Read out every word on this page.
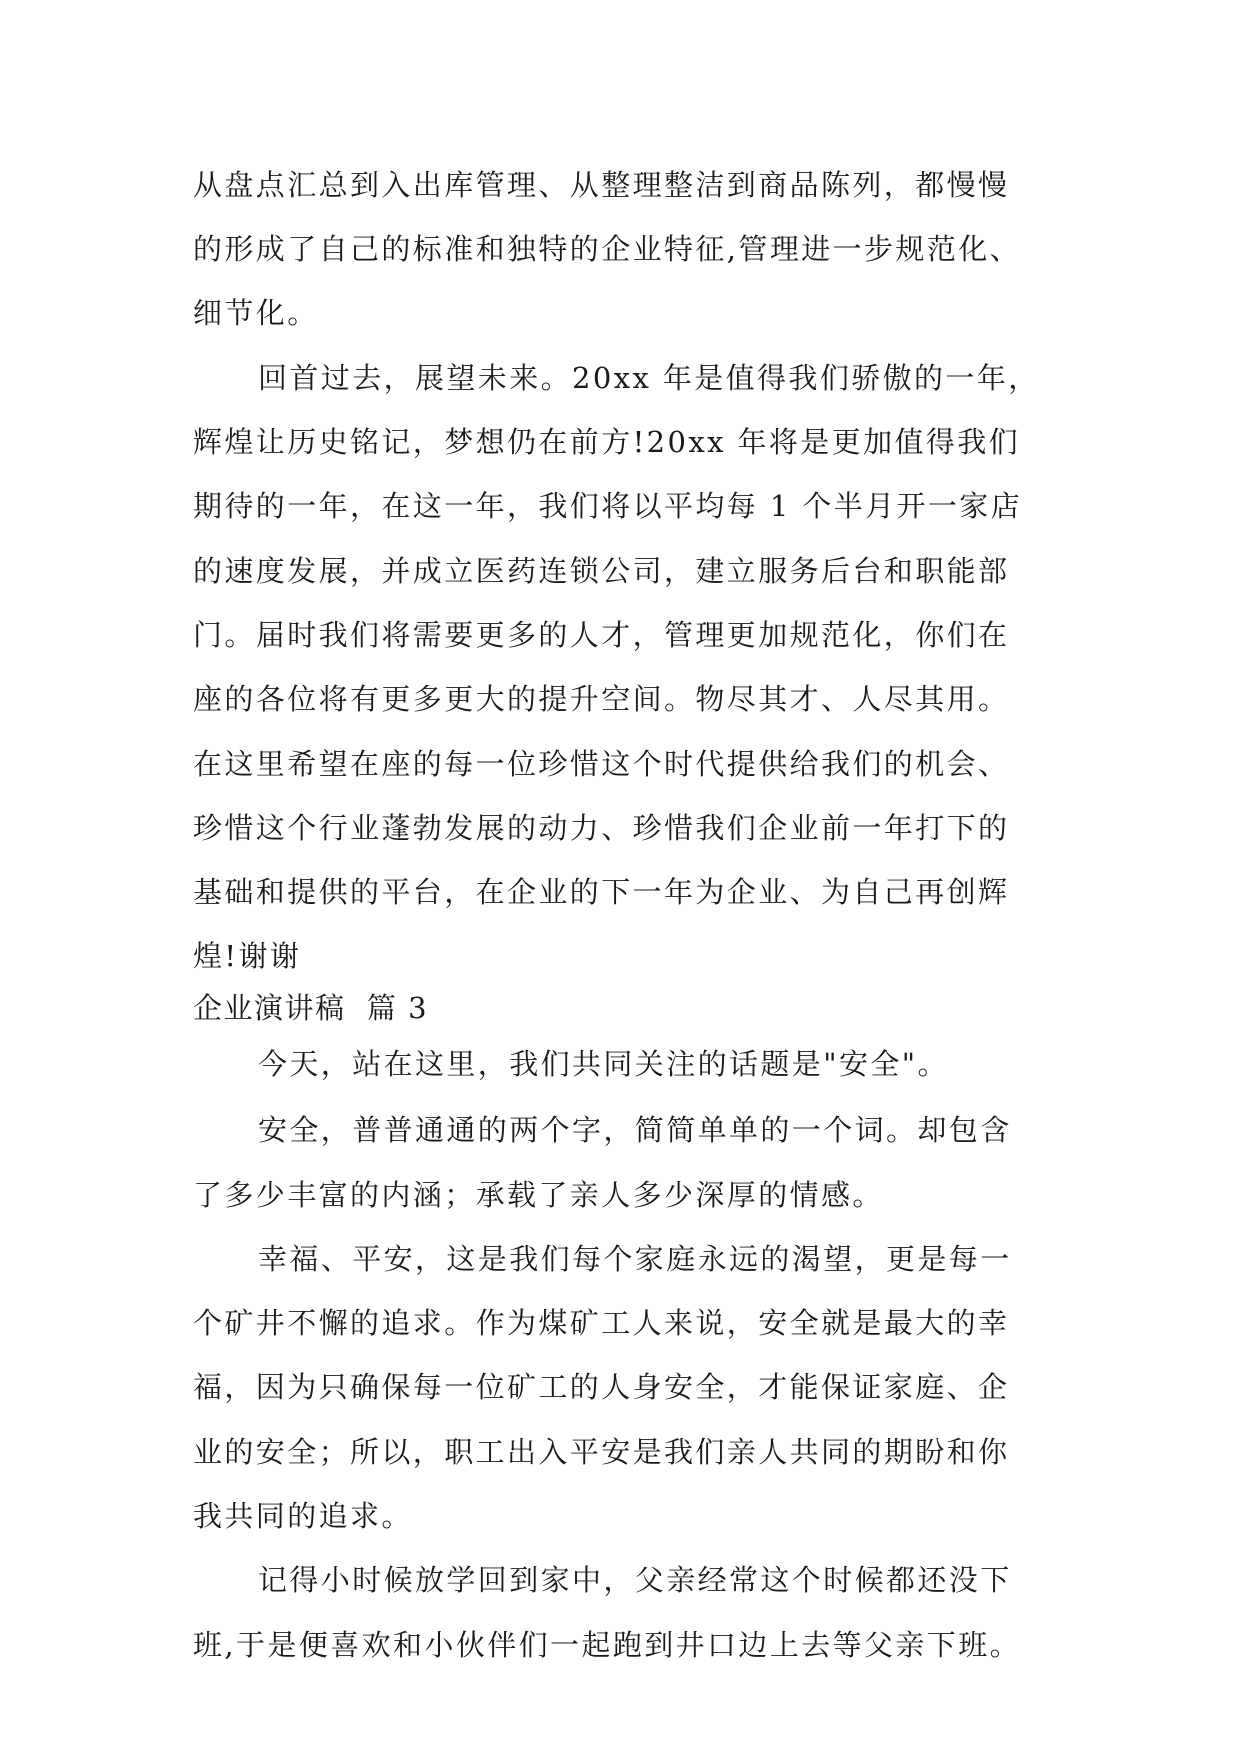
从盘点汇总到入出库管理、从整理整洁到商品陈列，都慢慢
的形成了自己的标准和独特的企业特征,管理进一步规范化、
细节化。
回首过去，展望未来。20xx 年是值得我们骄傲的一年，
辉煌让历史铭记，梦想仍在前方!20xx 年将是更加值得我们
期待的一年，在这一年，我们将以平均每 1 个半月开一家店
的速度发展，并成立医药连锁公司，建立服务后台和职能部
门。届时我们将需要更多的人才，管理更加规范化，你们在
座的各位将有更多更大的提升空间。物尽其才、人尽其用。
在这里希望在座的每一位珍惜这个时代提供给我们的机会、
珍惜这个行业蓬勃发展的动力、珍惜我们企业前一年打下的
基础和提供的平台，在企业的下一年为企业、为自己再创辉
煌!谢谢
企业演讲稿  篇 3
今天，站在这里，我们共同关注的话题是"安全"。
安全，普普通通的两个字，简简单单的一个词。却包含
了多少丰富的内涵；承载了亲人多少深厚的情感。
幸福、平安，这是我们每个家庭永远的渴望，更是每一
个矿井不懈的追求。作为煤矿工人来说，安全就是最大的幸
福，因为只确保每一位矿工的人身安全，才能保证家庭、企
业的安全；所以，职工出入平安是我们亲人共同的期盼和你
我共同的追求。
记得小时候放学回到家中，父亲经常这个时候都还没下
班,于是便喜欢和小伙伴们一起跑到井口边上去等父亲下班。
